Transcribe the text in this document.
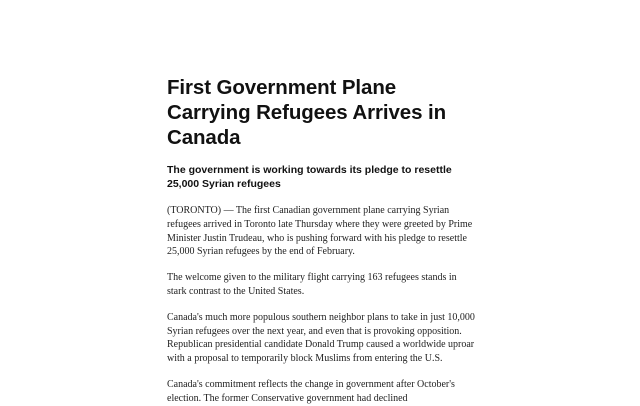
First Government Plane Carrying Refugees Arrives in Canada
The government is working towards its pledge to resettle 25,000 Syrian refugees

(TORONTO) — The first Canadian government plane carrying Syrian refugees arrived in Toronto late Thursday where they were greeted by Prime Minister Justin Trudeau, who is pushing forward with his pledge to resettle 25,000 Syrian refugees by the end of February.

The welcome given to the military flight carrying 163 refugees stands in stark contrast to the United States.

Canada's much more populous southern neighbor plans to take in just 10,000 Syrian refugees over the next year, and even that is provoking opposition. Republican presidential candidate Donald Trump caused a worldwide uproar with a proposal to temporarily block Muslims from entering the U.S.

Canada's commitment reflects the change in government after October's election. The former Conservative government had declined
